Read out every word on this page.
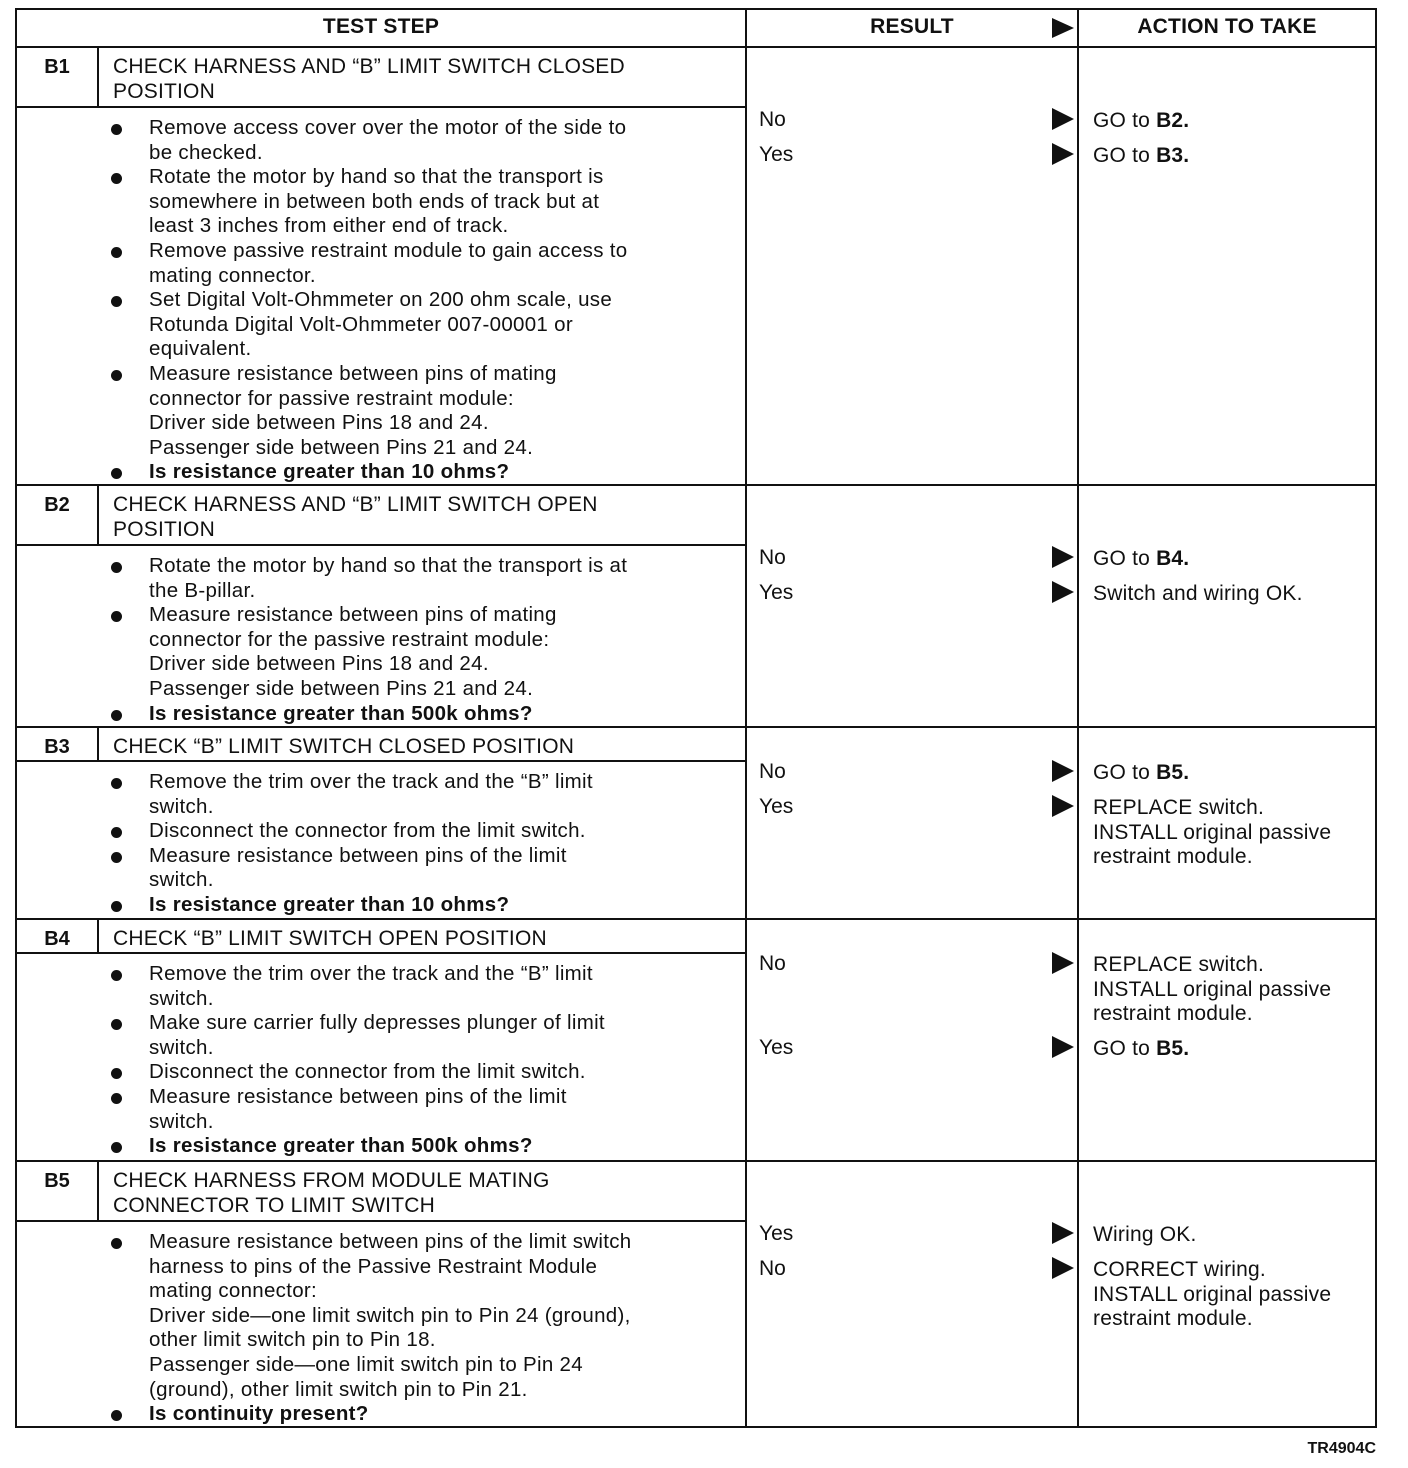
TEST STEP	RESULT	ACTION TO TAKE
B1	CHECK HARNESS AND “B” LIMIT SWITCH CLOSED
POSITION
Remove access cover over the motor of the side to
be checked.
Rotate the motor by hand so that the transport is
somewhere in between both ends of track but at
least 3 inches from either end of track.
Remove passive restraint module to gain access to
mating connector.
Set Digital Volt-Ohmmeter on 200 ohm scale, use
Rotunda Digital Volt-Ohmmeter 007-00001 or
equivalent.
Measure resistance between pins of mating
connector for passive restraint module:
Driver side between Pins 18 and 24.
Passenger side between Pins 21 and 24.
Is resistance greater than 10 ohms?
No	GO to B2.
Yes	GO to B3.
B2	CHECK HARNESS AND “B” LIMIT SWITCH OPEN
POSITION
Rotate the motor by hand so that the transport is at
the B-pillar.
Measure resistance between pins of mating
connector for the passive restraint module:
Driver side between Pins 18 and 24.
Passenger side between Pins 21 and 24.
Is resistance greater than 500k ohms?
No	GO to B4.
Yes	Switch and wiring OK.
B3	CHECK “B” LIMIT SWITCH CLOSED POSITION
Remove the trim over the track and the “B” limit
switch.
Disconnect the connector from the limit switch.
Measure resistance between pins of the limit
switch.
Is resistance greater than 10 ohms?
No	GO to B5.
Yes	REPLACE switch.
INSTALL original passive
restraint module.
B4	CHECK “B” LIMIT SWITCH OPEN POSITION
Remove the trim over the track and the “B” limit
switch.
Make sure carrier fully depresses plunger of limit
switch.
Disconnect the connector from the limit switch.
Measure resistance between pins of the limit
switch.
Is resistance greater than 500k ohms?
No	REPLACE switch.
INSTALL original passive
restraint module.
Yes	GO to B5.
B5	CHECK HARNESS FROM MODULE MATING
CONNECTOR TO LIMIT SWITCH
Measure resistance between pins of the limit switch
harness to pins of the Passive Restraint Module
mating connector:
Driver side—one limit switch pin to Pin 24 (ground),
other limit switch pin to Pin 18.
Passenger side—one limit switch pin to Pin 24
(ground), other limit switch pin to Pin 21.
Is continuity present?
Yes	Wiring OK.
No	CORRECT wiring.
INSTALL original passive
restraint module.
TR4904C
